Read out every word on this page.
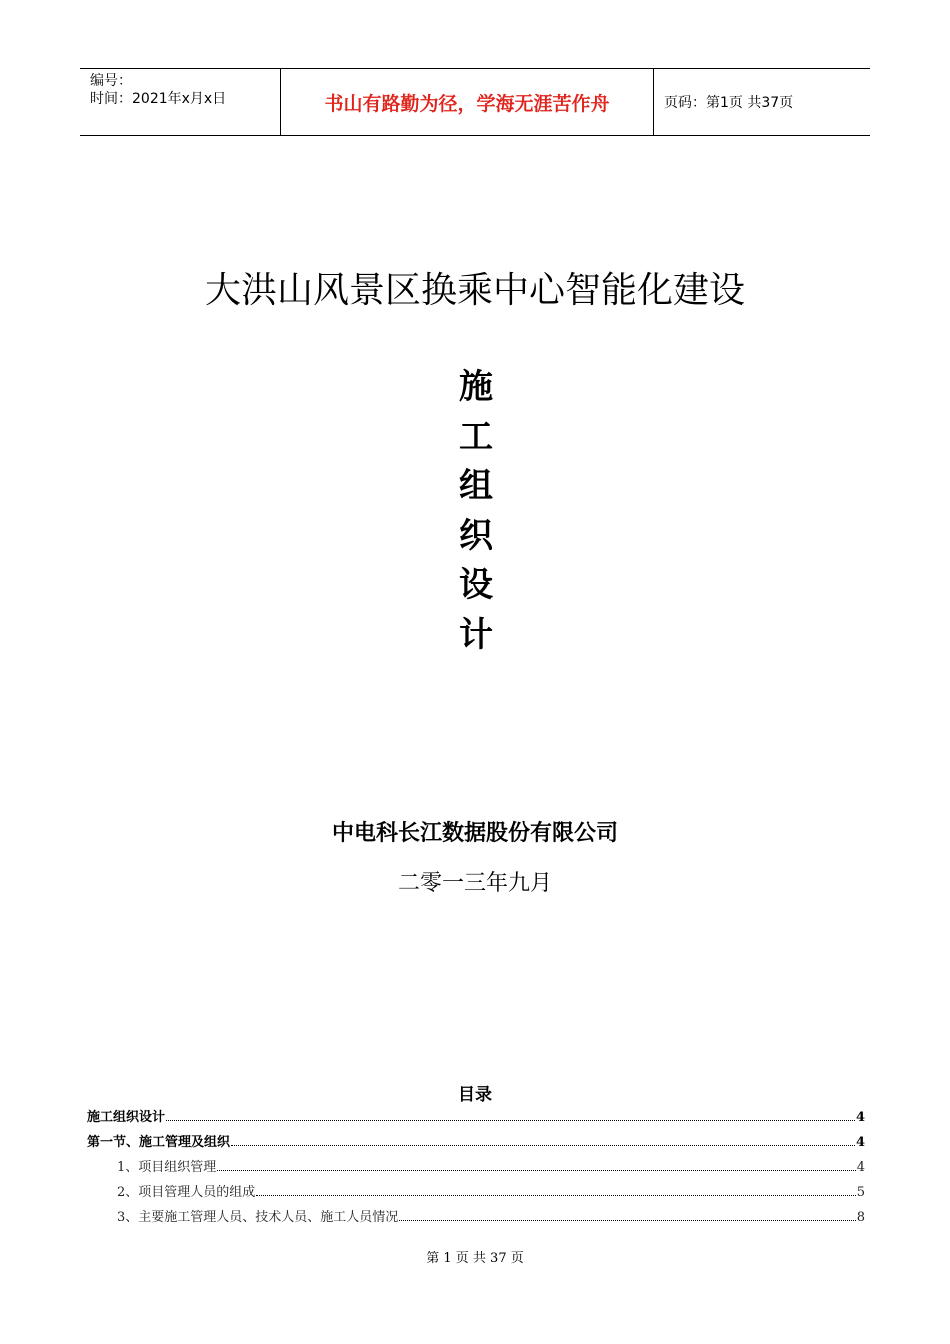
编号：
时间：2021年x月x日	书山有路勤为径，学海无涯苦作舟	页码：第1页 共37页
大洪山风景区换乘中心智能化建设
施
工
组
织
设
计
中电科长江数据股份有限公司
二零一三年九月
目录
施工组织设计	4
第一节、施工管理及组织	4
1、项目组织管理	4
2、项目管理人员的组成	5
3、主要施工管理人员、技术人员、施工人员情况	8
第 1 页 共 37 页
